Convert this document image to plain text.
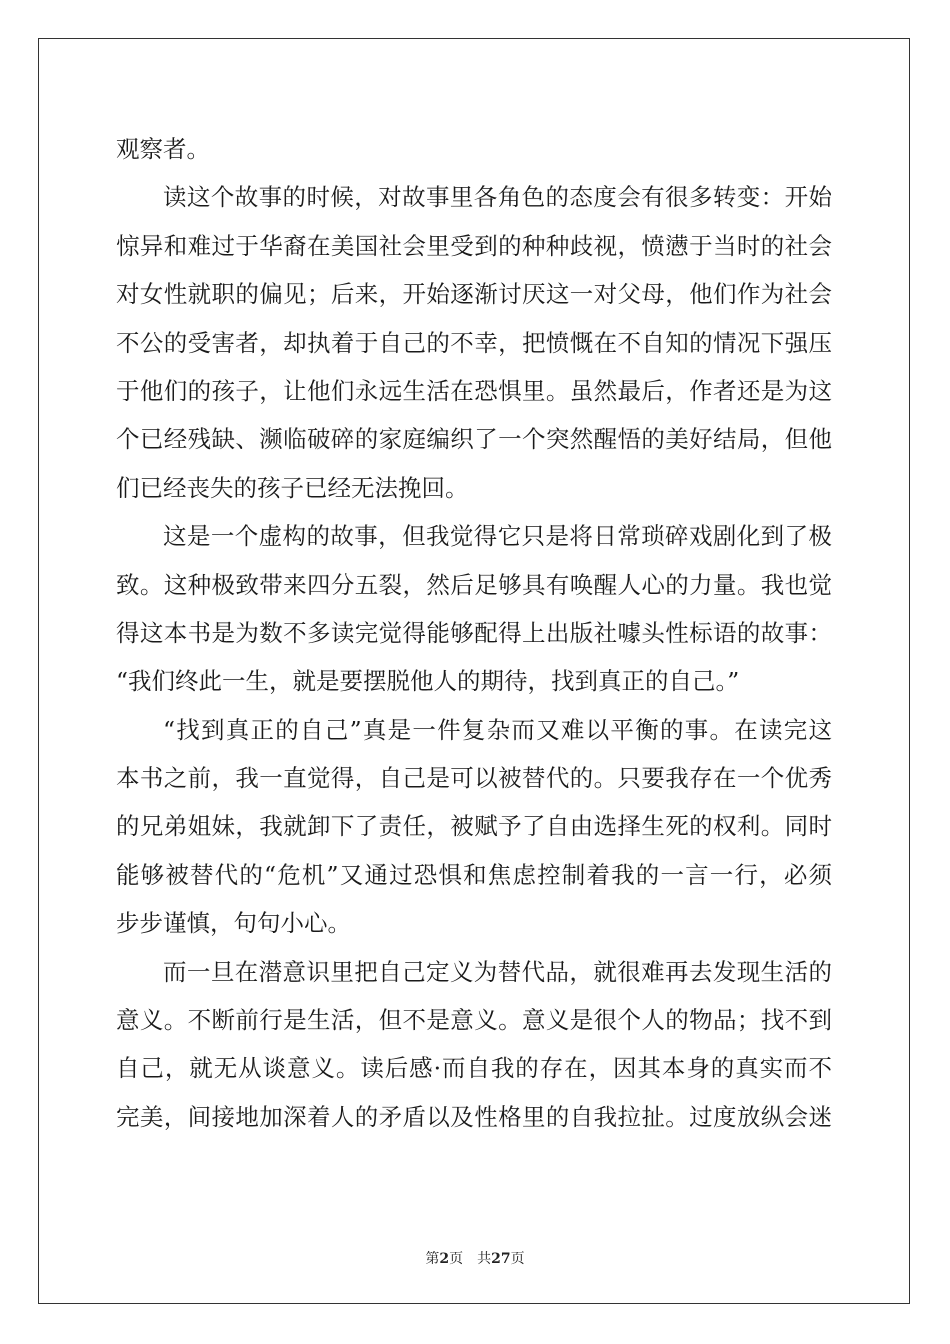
观察者。
读这个故事的时候，对故事里各角色的态度会有很多转变：开始
惊异和难过于华裔在美国社会里受到的种种歧视，愤懑于当时的社会
对女性就职的偏见；后来，开始逐渐讨厌这一对父母，他们作为社会
不公的受害者，却执着于自己的不幸，把愤慨在不自知的情况下强压
于他们的孩子，让他们永远生活在恐惧里。虽然最后，作者还是为这
个已经残缺、濒临破碎的家庭编织了一个突然醒悟的美好结局，但他
们已经丧失的孩子已经无法挽回。
这是一个虚构的故事，但我觉得它只是将日常琐碎戏剧化到了极
致。这种极致带来四分五裂，然后足够具有唤醒人心的力量。我也觉
得这本书是为数不多读完觉得能够配得上出版社噱头性标语的故事：
“我们终此一生，就是要摆脱他人的期待，找到真正的自己。”
“找到真正的自己”真是一件复杂而又难以平衡的事。在读完这
本书之前，我一直觉得，自己是可以被替代的。只要我存在一个优秀
的兄弟姐妹，我就卸下了责任，被赋予了自由选择生死的权利。同时
能够被替代的“危机”又通过恐惧和焦虑控制着我的一言一行，必须
步步谨慎，句句小心。
而一旦在潜意识里把自己定义为替代品，就很难再去发现生活的
意义。不断前行是生活，但不是意义。意义是很个人的物品；找不到
自己，就无从谈意义。读后感·而自我的存在，因其本身的真实而不
完美，间接地加深着人的矛盾以及性格里的自我拉扯。过度放纵会迷
第2页 共27页
